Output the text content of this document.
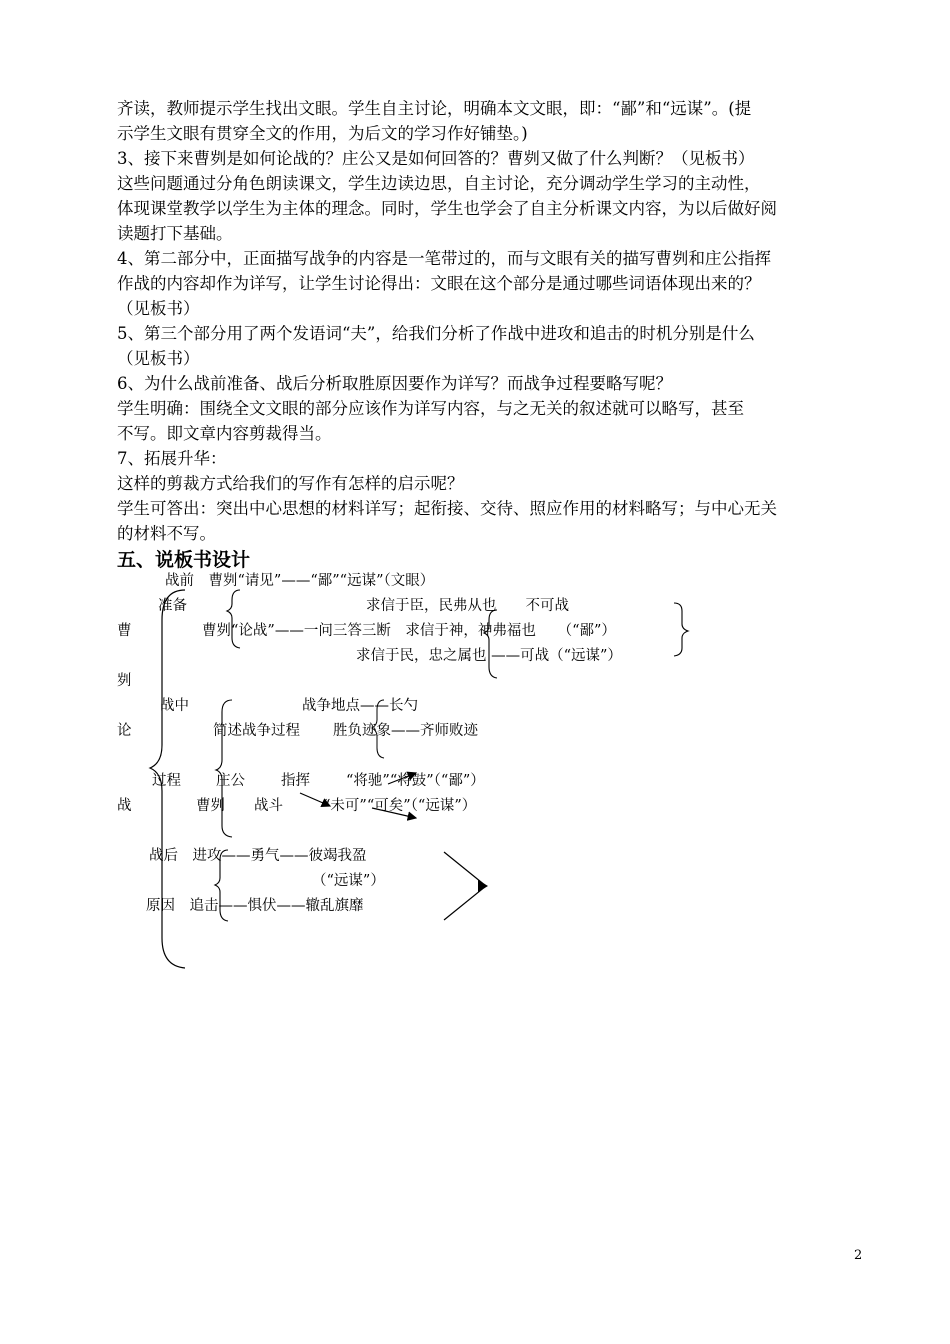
齐读，教师提示学生找出文眼。学生自主讨论，明确本文文眼，即：“鄙”和“远谋”。(提
示学生文眼有贯穿全文的作用，为后文的学习作好铺垫。)
3、接下来曹刿是如何论战的？庄公又是如何回答的？曹刿又做了什么判断？（见板书）
这些问题通过分角色朗读课文，学生边读边思，自主讨论，充分调动学生学习的主动性，
体现课堂教学以学生为主体的理念。同时，学生也学会了自主分析课文内容，为以后做好阅
读题打下基础。
4、第二部分中，正面描写战争的内容是一笔带过的，而与文眼有关的描写曹刿和庄公指挥
作战的内容却作为详写，让学生讨论得出：文眼在这个部分是通过哪些词语体现出来的？
（见板书）
5、第三个部分用了两个发语词“夫”，给我们分析了作战中进攻和追击的时机分别是什么
（见板书）
6、为什么战前准备、战后分析取胜原因要作为详写？而战争过程要略写呢？
学生明确：围绕全文文眼的部分应该作为详写内容，与之无关的叙述就可以略写，甚至
不写。即文章内容剪裁得当。
7、拓展升华：
这样的剪裁方式给我们的写作有怎样的启示呢？
学生可答出：突出中心思想的材料详写；起衔接、交待、照应作用的材料略写；与中心无关
的材料不写。
五、说板书设计
战前　曹刿“请见”——“鄙”“远谋”（文眼）
准备	求信于臣，民弗从也　　不可战
曹	曹刿“论战”——一问三答三断　求信于神，神弗福也　　（“鄙”）
求信于民，忠之属也 ——可战（“远谋”）
刿
战中	战争地点——长勺
论	简述战争过程 胜负迹象——齐师败迹
过程 庄公 指挥 “将驰”“将鼓”（“鄙”）
战	曹刿 战斗	“未可”“可矣”（“远谋”）
战后　进攻——勇气——彼竭我盈
（“远谋”）
原因　追击——惧伏——辙乱旗靡
2
